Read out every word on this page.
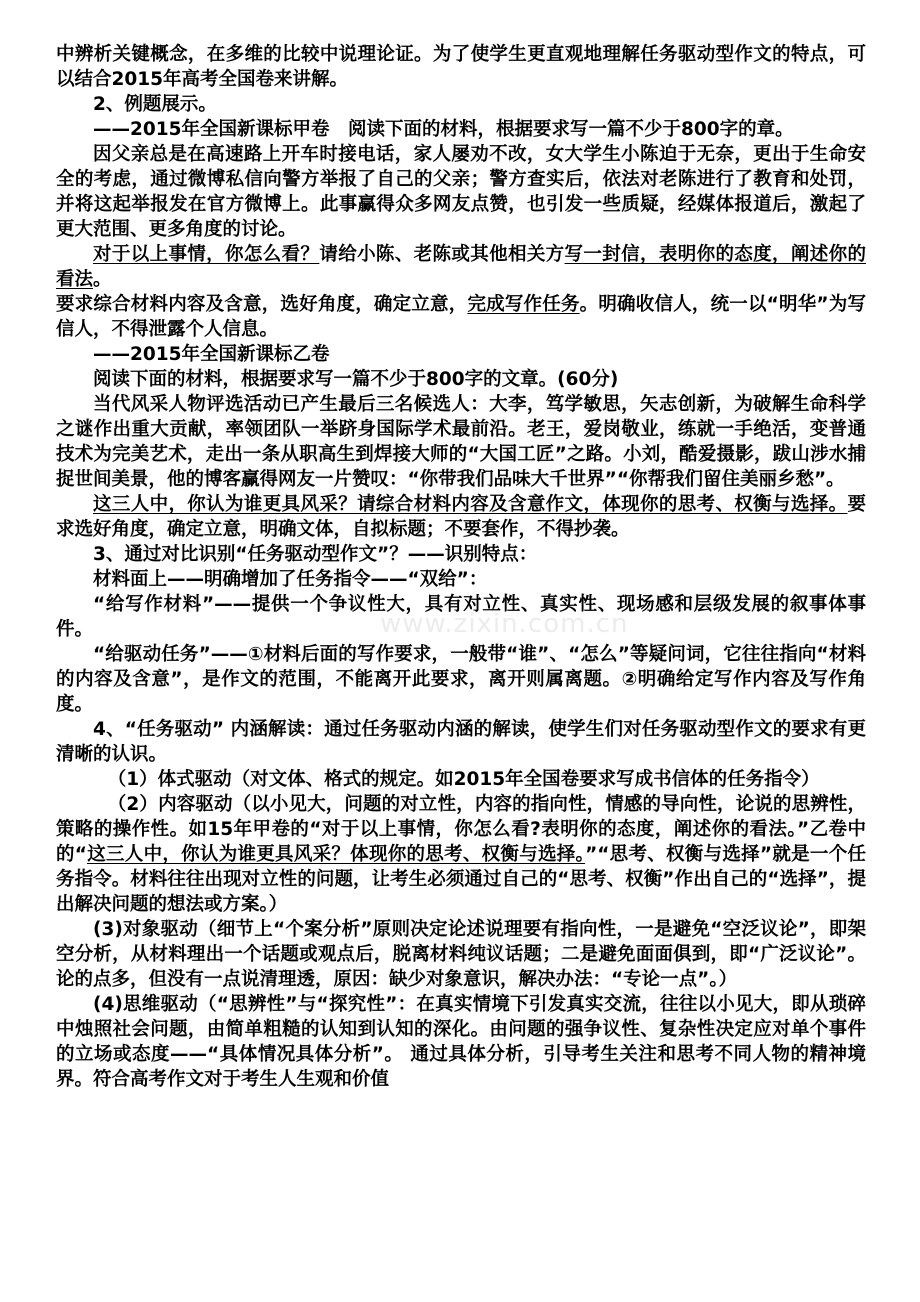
www.zixin.com.cn

中辨析关键概念，在多维的比较中说理论证。为了使学生更直观地理解任务驱动型作文的特点，可以结合2015年高考全国卷来讲解。

2、例题展示。

——2015年全国新课标甲卷　阅读下面的材料，根据要求写一篇不少于800字的章。

因父亲总是在高速路上开车时接电话，家人屡劝不改，女大学生小陈迫于无奈，更出于生命安全的考虑，通过微博私信向警方举报了自己的父亲；警方查实后，依法对老陈进行了教育和处罚，并将这起举报发在官方微博上。此事赢得众多网友点赞，也引发一些质疑，经媒体报道后，激起了更大范围、更多角度的讨论。

对于以上事情，你怎么看？请给小陈、老陈或其他相关方写一封信，表明你的态度，阐述你的看法。

要求综合材料内容及含意，选好角度，确定立意，完成写作任务。明确收信人，统一以“明华”为写信人，不得泄露个人信息。

——2015年全国新课标乙卷

阅读下面的材料，根据要求写一篇不少于800字的文章。(60分)

当代风采人物评选活动已产生最后三名候选人：大李，笃学敏思，矢志创新，为破解生命科学之谜作出重大贡献，率领团队一举跻身国际学术最前沿。老王，爱岗敬业，练就一手绝活，变普通技术为完美艺术，走出一条从职高生到焊接大师的“大国工匠”之路。小刘，酷爱摄影，跋山涉水捕捉世间美景，他的博客赢得网友一片赞叹：“你带我们品味大千世界”“你帮我们留住美丽乡愁”。

这三人中，你认为谁更具风采？请综合材料内容及含意作文，体现你的思考、权衡与选择。要求选好角度，确定立意，明确文体，自拟标题；不要套作，不得抄袭。

3、通过对比识别“任务驱动型作文”？——识别特点：

材料面上——明确增加了任务指令——“双给”：

“给写作材料”——提供一个争议性大，具有对立性、真实性、现场感和层级发展的叙事体事件。

“给驱动任务”——①材料后面的写作要求，一般带“谁”、“怎么”等疑问词，它往往指向“材料的内容及含意”，是作文的范围，不能离开此要求，离开则属离题。②明确给定写作内容及写作角度。

4、“任务驱动” 内涵解读：通过任务驱动内涵的解读，使学生们对任务驱动型作文的要求有更清晰的认识。

（1）体式驱动（对文体、格式的规定。如2015年全国卷要求写成书信体的任务指令）

（2）内容驱动（以小见大，问题的对立性，内容的指向性，情感的导向性，论说的思辨性，策略的操作性。如15年甲卷的“对于以上事情，你怎么看?表明你的态度，阐述你的看法。”乙卷中的“这三人中，你认为谁更具风采？体现你的思考、权衡与选择。”“思考、权衡与选择”就是一个任务指令。材料往往出现对立性的问题，让考生必须通过自己的“思考、权衡”作出自己的“选择”，提出解决问题的想法或方案。）

(3)对象驱动（细节上“个案分析”原则决定论述说理要有指向性，一是避免“空泛议论”，即架空分析，从材料理出一个话题或观点后，脱离材料纯议话题；二是避免面面俱到，即“广泛议论”。论的点多，但没有一点说清理透，原因：缺少对象意识，解决办法：“专论一点”。）

(4)思维驱动（“思辨性”与“探究性”：在真实情境下引发真实交流，往往以小见大，即从琐碎中烛照社会问题，由简单粗糙的认知到认知的深化。由问题的强争议性、复杂性决定应对单个事件的立场或态度——“具体情况具体分析”。 通过具体分析，引导考生关注和思考不同人物的精神境界。符合高考作文对于考生人生观和价值
